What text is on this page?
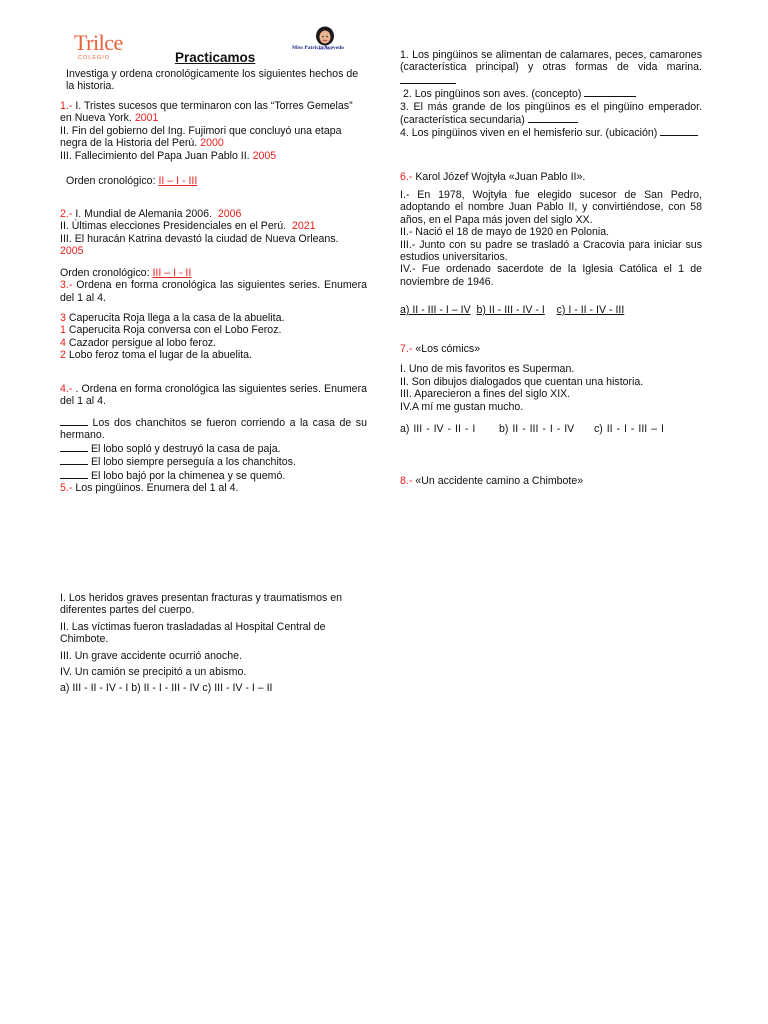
Trilce
COLEGIO	Practicamos
Miss Patricia Acevedo

Investiga y ordena cronológicamente los siguientes hechos de la historia.

1.- I. Tristes sucesos que terminaron con las “Torres Gemelas” en Nueva York. 2001

II. Fin del gobierno del Ing. Fujimori que concluyó una etapa negra de la Historia del Perú. 2000

III. Fallecimiento del Papa Juan Pablo II. 2005

Orden cronológico: II – I - III

2.- I. Mundial de Alemania 2006. 2006

II. Últimas elecciones Presidenciales en el Perú. 2021

III. El huracán Katrina devastó la ciudad de Nueva Orleans.

2005

Orden cronológico: III – I - II

3.- Ordena en forma cronológica las siguientes series. Enumera del 1 al 4.

3 Caperucita Roja llega a la casa de la abuelita.

1 Caperucita Roja conversa con el Lobo Feroz.

4 Cazador persigue al lobo feroz.

2 Lobo feroz toma el lugar de la abuelita.

4.- . Ordena en forma cronológica las siguientes series. Enumera del 1 al 4.

Los dos chanchitos se fueron corriendo a la casa de su hermano.

El lobo sopló y destruyó la casa de paja.

El lobo siempre perseguía a los chanchitos.

El lobo bajó por la chimenea y se quemó.

5.- Los pingüinos. Enumera del 1 al 4.

I. Los heridos graves presentan fracturas y traumatismos en diferentes partes del cuerpo.

II. Las víctimas fueron trasladadas al Hospital Central de Chimbote.

III. Un grave accidente ocurrió anoche.

IV. Un camión se precipitó a un abismo.

a) III - II - IV - I b) II - I - III - IV c) III - IV - I – II

1. Los pingüinos se alimentan de calamares, peces, camarones (característica principal) y otras formas de vida marina.

2. Los pingüinos son aves. (concepto)

3. El más grande de los pingüinos es el pingüino emperador. (característica secundaria)

4. Los pingüinos viven en el hemisferio sur. (ubicación)

6.- Karol Józef Wojtyła «Juan Pablo II».

I.- En 1978, Wojtyła fue elegido sucesor de San Pedro, adoptando el nombre Juan Pablo II, y convirtiéndose, con 58 años, en el Papa más joven del siglo XX.

II.- Nació el 18 de mayo de 1920 en Polonia.

III.- Junto con su padre se trasladó a Cracovia para iniciar sus estudios universitarios.

IV.- Fue ordenado sacerdote de la Iglesia Católica el 1 de noviembre de 1946.

a) II - III - I – IV b) II - III - IV - I c) I - II - IV - III

7.- «Los cómics»

I. Uno de mis favoritos es Superman.

II. Son dibujos dialogados que cuentan una historia.

III. Aparecieron a fines del siglo XIX.

IV.A mí me gustan mucho.

a) III - IV - II - I b) II - III - I - IV c) II - I - III – I

8.- «Un accidente camino a Chimbote»
